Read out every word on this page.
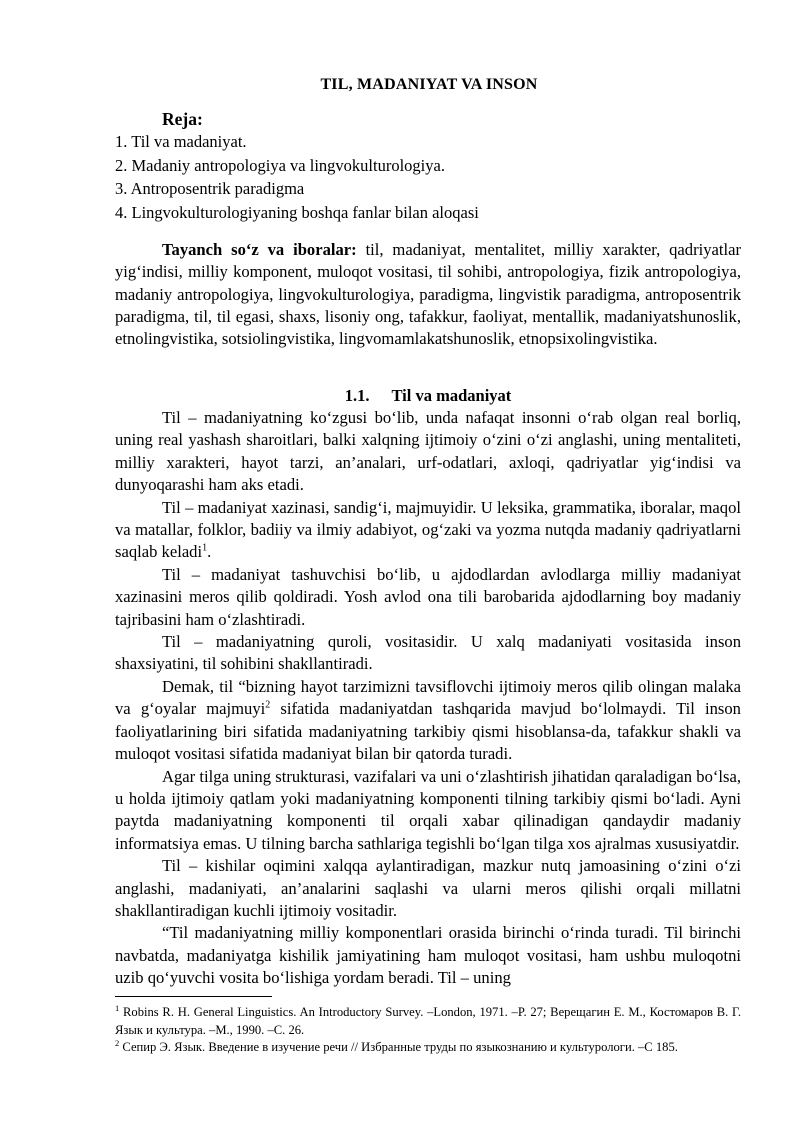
TIL, MADANIYAT VA INSON
Reja:
1. Til va madaniyat.
2. Madaniy antropologiya va lingvokulturologiya.
3. Antroposentrik paradigma
4. Lingvokulturologiyaning boshqa fanlar bilan aloqasi

Tayanch so‘z va iboralar: til, madaniyat, mentalitet, milliy xarakter, qadriyatlar yig‘indisi, milliy komponent, muloqot vositasi, til sohibi, antropologiya, fizik antropologiya, madaniy antropologiya, lingvokulturologiya, paradigma, lingvistik paradigma, antroposentrik paradigma, til, til egasi, shaxs, lisoniy ong, tafakkur, faoliyat, mentallik, madaniyatshunoslik, etnolingvistika, sotsiolingvistika, lingvomamlakatshunoslik, etnopsixolingvistika.

1.1. Til va madaniyat

Til – madaniyatning ko‘zgusi bo‘lib, unda nafaqat insonni o‘rab olgan real borliq, uning real yashash sharoitlari, balki xalqning ijtimoiy o‘zini o‘zi anglashi, uning mentaliteti, milliy xarakteri, hayot tarzi, an’analari, urf-odatlari, axloqi, qadriyatlar yig‘indisi va dunyoqarashi ham aks etadi.

Til – madaniyat xazinasi, sandig‘i, majmuyidir. U leksika, grammatika, iboralar, maqol va matallar, folklor, badiiy va ilmiy adabiyot, og‘zaki va yozma nutqda madaniy qadriyatlarni saqlab keladi$^1$.

Til – madaniyat tashuvchisi bo‘lib, u ajdodlardan avlodlarga milliy madaniyat xazinasini meros qilib qoldiradi. Yosh avlod ona tili barobarida ajdodlarning boy madaniy tajribasini ham o‘zlashtiradi.

Til – madaniyatning quroli, vositasidir. U xalq madaniyati vositasida inson shaxsiyatini, til sohibini shakllantiradi.

Demak, til “bizning hayot tarzimizni tavsiflovchi ijtimoiy meros qilib olingan malaka va g‘oyalar majmuyi$^2$ sifatida madaniyatdan tashqarida mavjud bo‘lolmaydi. Til inson faoliyatlarining biri sifatida madaniyatning tarkibiy qismi hisoblansa-da, tafakkur shakli va muloqot vositasi sifatida madaniyat bilan bir qatorda turadi.

Agar tilga uning strukturasi, vazifalari va uni o‘zlashtirish jihatidan qaraladigan bo‘lsa, u holda ijtimoiy qatlam yoki madaniyatning komponenti tilning tarkibiy qismi bo‘ladi. Ayni paytda madaniyatning komponenti til orqali xabar qilinadigan qandaydir madaniy informatsiya emas. U tilning barcha sathlariga tegishli bo‘lgan tilga xos ajralmas xususiyatdir.

Til – kishilar oqimini xalqqa aylantiradigan, mazkur nutq jamoasining o‘zini o‘zi anglashi, madaniyati, an’analarini saqlashi va ularni meros qilishi orqali millatni shakllantiradigan kuchli ijtimoiy vositadir.

“Til madaniyatning milliy komponentlari orasida birinchi o‘rinda turadi. Til birinchi navbatda, madaniyatga kishilik jamiyatining ham muloqot vositasi, ham ushbu muloqotni uzib qo‘yuvchi vosita bo‘lishiga yordam beradi. Til – uning

$^1$ Robins R. H. General Linguistics. An Introductory Survey. –London, 1971. –P. 27; Верещагин Е. М., Костомаров В. Г. Язык и культура. –М., 1990. –С. 26.

$^2$ Сепир Э. Язык. Введение в изучение речи // Избранные труды по языкознанию и культурологи. –С 185.
